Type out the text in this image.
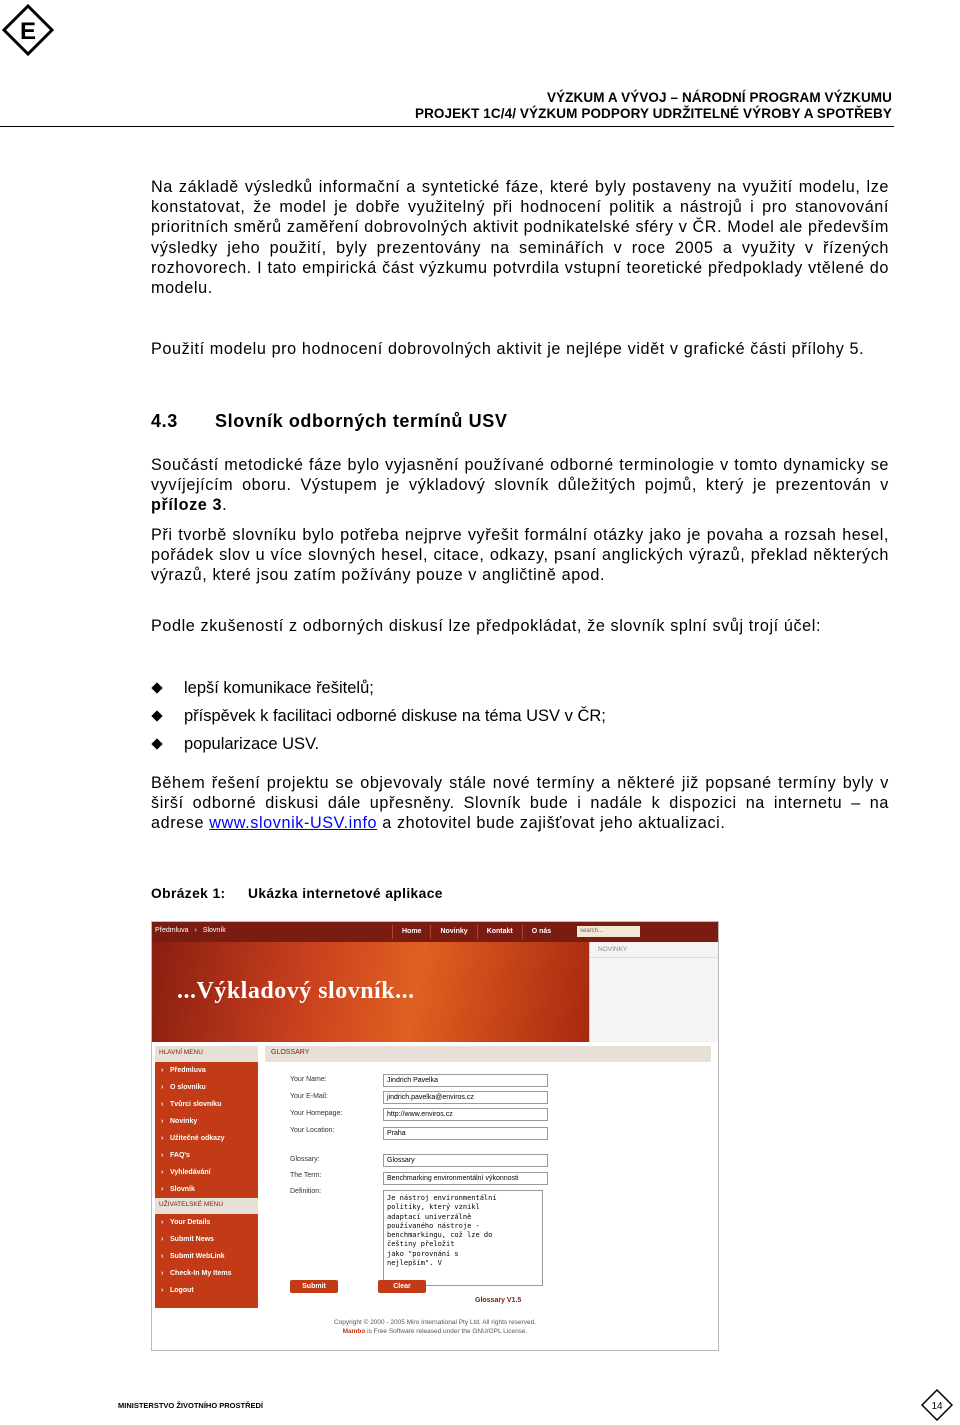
E
VÝZKUM A VÝVOJ – NÁRODNÍ PROGRAM VÝZKUMU
PROJEKT 1C/4/ VÝZKUM PODPORY UDRŽITELNÉ VÝROBY A SPOTŘEBY

Na základě výsledků informační a syntetické fáze, které byly postaveny na využití modelu, lze konstatovat, že model je dobře využitelný při hodnocení politik a nástrojů i pro stanovování prioritních směrů zaměření dobrovolných aktivit podnikatelské sféry v ČR. Model ale především výsledky jeho použití, byly prezentovány na seminářích v roce 2005 a využity v řízených rozhovorech. I tato empirická část výzkumu potvrdila vstupní teoretické předpoklady vtělené do modelu.

Použití modelu pro hodnocení dobrovolných aktivit je nejlépe vidět v grafické části přílohy 5.

4.3 Slovník odborných termínů USV
Součástí metodické fáze bylo vyjasnění používané odborné terminologie v tomto dynamicky se vyvíjejícím oboru. Výstupem je výkladový slovník důležitých pojmů, který je prezentován v příloze 3.

Při tvorbě slovníku bylo potřeba nejprve vyřešit formální otázky jako je povaha a rozsah hesel, pořádek slov u více slovných hesel, citace, odkazy, psaní anglických výrazů, překlad některých výrazů, které jsou zatím požívány pouze v angličtině apod.

Podle zkušeností z odborných diskusí lze předpokládat, že slovník splní svůj trojí účel:

lepší komunikace řešitelů;
příspěvek k facilitaci odborné diskuse na téma USV v ČR;
popularizace USV.
Během řešení projektu se objevovaly stále nové termíny a některé již popsané termíny byly v širší odborné diskusi dále upřesněny. Slovník bude i nadále k dispozici na internetu – na adrese www.slovnik-USV.info a zhotovitel bude zajišťovat jeho aktualizaci.
Obrázek 1: Ukázka internetové aplikace
Předmluva › Slovník	Home	Novinky	Kontakt	O nás	search...
...Výkladový slovník...
NOVINKY
HLAVNÍ MENU
› Předmluva
› O slovníku
› Tvůrci slovníku
› Novinky
› Užitečné odkazy
› FAQ's
› Vyhledávání
› Slovník
UŽIVATELSKÉ MENU
› Your Details
› Submit News
› Submit WebLink
› Check-In My Items
› Logout
GLOSSARY
Your Name:	Jindrich Pavelka
Your E-Mail:	jindrich.pavelka@enviros.cz
Your Homepage:	http://www.enviros.cz
Your Location:	Praha
Glossary:	Glossary
The Term:	Benchmarking environmentální výkonnosti
Definition:
Je nástroj environmentální
politiky, který vznikl
adaptací univerzálně
používaného nástroje -
benchmarkingu, což lze do
češtiny přeložit
jako "porovnání s
nejlepším". V
Submit	Clear
Glossary V1.5
Copyright © 2000 - 2005 Miro International Pty Ltd. All rights reserved.
Mambo is Free Software released under the GNU/GPL License.
MINISTERSTVO ŽIVOTNÍHO PROSTŘEDÍ	14
